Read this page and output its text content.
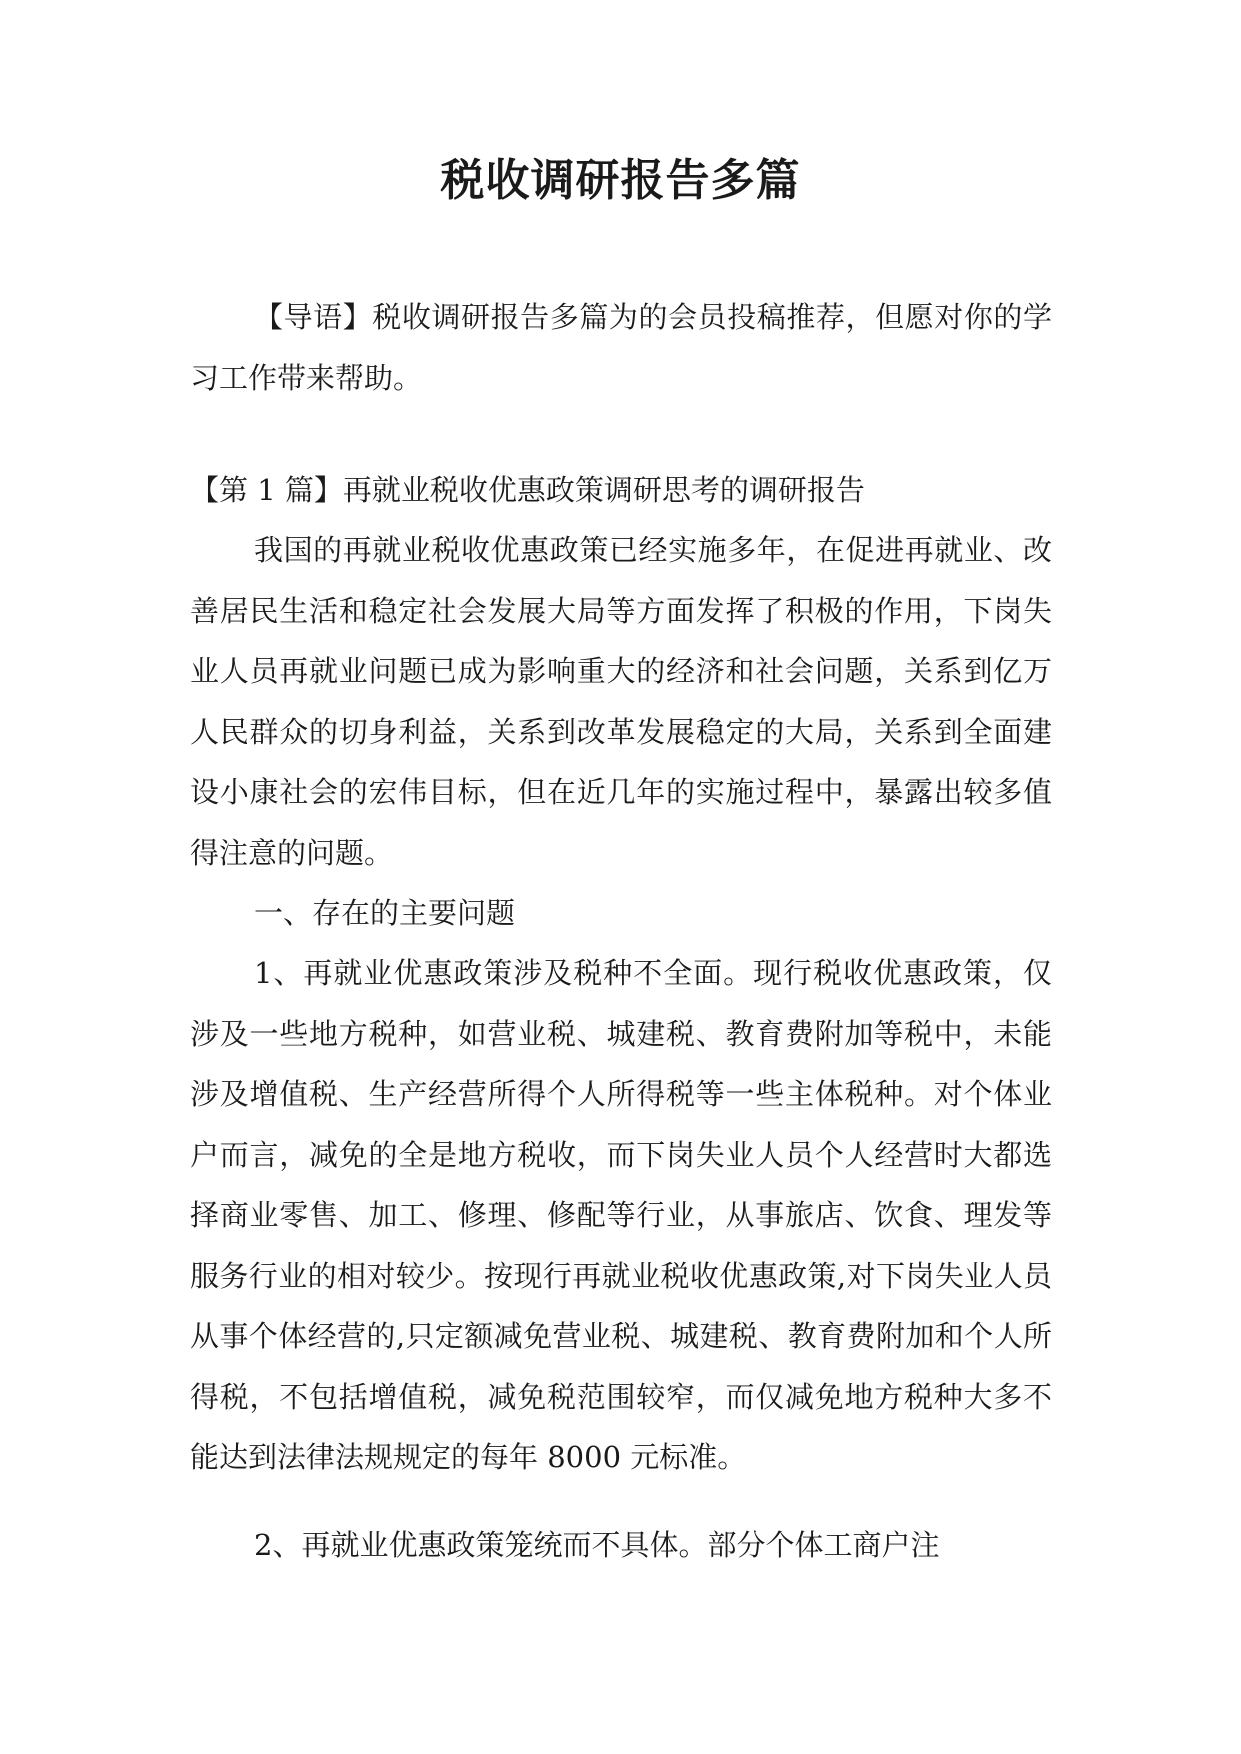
税收调研报告多篇

【导语】税收调研报告多篇为的会员投稿推荐，但愿对你的学习工作带来帮助。

【第 1 篇】再就业税收优惠政策调研思考的调研报告

我国的再就业税收优惠政策已经实施多年，在促进再就业、改善居民生活和稳定社会发展大局等方面发挥了积极的作用，下岗失业人员再就业问题已成为影响重大的经济和社会问题，关系到亿万人民群众的切身利益，关系到改革发展稳定的大局，关系到全面建设小康社会的宏伟目标，但在近几年的实施过程中，暴露出较多值得注意的问题。

一、存在的主要问题

1、再就业优惠政策涉及税种不全面。现行税收优惠政策，仅涉及一些地方税种，如营业税、城建税、教育费附加等税中，未能涉及增值税、生产经营所得个人所得税等一些主体税种。对个体业户而言，减免的全是地方税收，而下岗失业人员个人经营时大都选择商业零售、加工、修理、修配等行业，从事旅店、饮食、理发等服务行业的相对较少。按现行再就业税收优惠政策,对下岗失业人员从事个体经营的,只定额减免营业税、城建税、教育费附加和个人所得税，不包括增值税，减免税范围较窄，而仅减免地方税种大多不能达到法律法规规定的每年 8000 元标准。

2、再就业优惠政策笼统而不具体。部分个体工商户注
